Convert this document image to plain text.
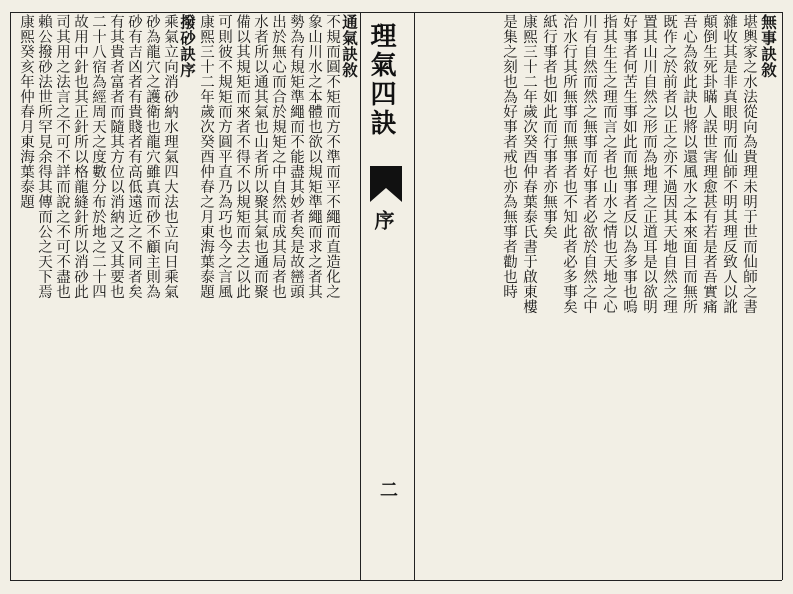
通氣訣敘
不規而圓不矩而方不準而平不繩而直造化之
象山川水之本體也欲以規矩準繩而求之者其
勢為有規矩準繩而不能盡其妙者矣是故巒頭
出於無心而合於規矩之中自然而成其局者也
水者所以通其氣也山者所以聚其氣也通而聚
備以其規矩而來者不得不以規矩而去之以此
可則彼不規矩而方圓平直乃為巧也今之言風
康熙三十二年歲次癸酉仲春之月東海葉泰題
撥砂訣序
乘氣立向消砂納水理氣四大法也立向日乘氣
砂為龍穴之護衛也龍穴雖真而砂不顧主則為
砂有吉凶者有貴賤者有高低遠近之不同者矣
有其貴者富者而隨其方位以消納之又其要也
二十八宿為經周天之度數分布於地之二十四
故用中針也其正針所以格龍縫針所以消砂此
司其用之法言之不可不詳而說之不可不盡也
賴公撥砂法世所罕見余得其傳而公之天下焉
康熙癸亥年仲春月東海葉泰題	理氣四訣
序
二
無事訣敘
堪輿家之水法從向為貴理未明于世而仙師之書
雜收其是非真眼明而仙師不明其理反致人以訛
顛倒生死卦瞞人誤世害理愈甚有若是者吾實痛
吾心為敘此訣也將以還風水之本來面目而無所
既作之於前者以正之亦不過因其天地自然之理
置其山川自然之形而為地理之正道耳是以欲明
好事者何苦生事如此而無事者反以為多事也嗚
指其生生之理而言之者也山水之情也天地之心
川有自然而然之無事而好事者必欲於自然之中
治水行其所無事而無事者也不知此者必多事矣
紙行事者也如此而行事者亦無事矣
康熙三十二年歲次癸酉仲春葉泰氏書于啟東樓
是集之刻也為好事者戒也亦為無事者勸也時
